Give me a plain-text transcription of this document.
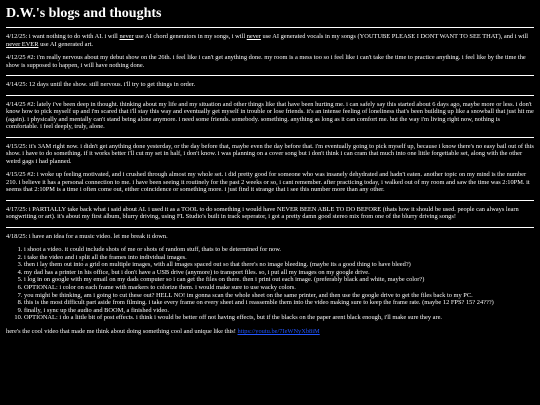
D.W.'s blogs and thoughts

4/12/25: i want nothing to do with AI. i will never use AI chord generators in my songs, i will never use AI generated vocals in my songs (YOUTUBE PLEASE I DONT WANT TO SEE THAT), and i will never EVER use AI generated art.

4/12/25 #2: i'm really nervous about my debut show on the 26th. i feel like i can't get anything done. my room is a mess too so i feel like i can't take the time to practice anything. i feel like by the time the show is supposed to happen, i will have nothing done.

4/14/25: 12 days until the show. still nervous. i'll try to get things in order.

4/14/25 #2: lately i've been deep in thought. thinking about my life and my situation and other things like that have been hurting me. i can safely say this started about 6 days ago, maybe more or less. i don't know how to pick myself up and i'm scared that i'll stay this way and eventually get myself in trouble or lose friends. it's an intense feeling of loneliness that's been building up like a snowball that just hit me (again). i physically and mentally can't stand being alone anymore. i need some friends. somebody. something. anything as long as it can comfort me. but the way i'm living right now, nothing is comfortable. i feel deeply, truly, alone.

4/15/25: it's 3AM right now. i didn't get anything done yesterday, or the day before that, maybe even the day before that. i'm eventually going to pick myself up, because i know there's no easy bail out of this show. i have to do something. if it works better i'll cut my set in half, i don't know. i was planning on a cover song but i don't think i can cram that much into one little forgettable set, along with the other weird gags i had planned.

4/15/25 #2: i woke up feeling motivated, and i crushed through almost my whole set. i did pretty good for someone who was insanely dehydrated and hadn't eaten. another topic on my mind is the number 210. i believe it has a personal connection to me. i have been seeing it routinely for the past 2 weeks or so, i cant remember. after practicing today, i walked out of my room and saw the time was 2:10PM. it seems that 2:10PM is a time i often come out, either coincidence or something more. i just find it strange that i see this number more than any other.

4/17/25: i PARTIALLY take back what i said about AI. i used it as a TOOL to do something i would have NEVER BEEN ABLE TO DO BEFORE (thats how it should be used. people can always learn songwriting or art). it's about my first album, blurry driving, using FL Studio's built in track seperator, i got a pretty damn good stereo mix from one of the blurry driving songs!

4/18/25: i have an idea for a music video. let me break it down.

1. i shoot a video. it could include shots of me or shots of random stuff, thats to be determined for now.
2. i take the video and i split all the frames into individual images.
3. then i lay them out into a grid on multiple images, with all images spaced out so that there's no image bleeding. (maybe its a good thing to have bleed?)
4. my dad has a printer in his office, but i don't have a USB drive (anymore) to transport files. so, i put all my images on my google drive.
5. i log in on google with my email on my dads computer so i can get the files on there. then i print out each image. (preferably black and white, maybe color?)
6. OPTIONAL: i color on each frame with markers to colorize them. i would make sure to use wacky colors.
7. you might be thinking, am i going to cut these out? HELL NO! im gonna scan the whole sheet on the same printer, and then use the google drive to get the files back to my PC.
8. this is the most difficult part aside from filming. i take every frame on every sheet and i reassemble them into the video making sure to keep the frame rate. (maybe 12 FPS? 15? 24???)
9. finally, i sync up the audio and BOOM, a finished video.
10. OPTIONAL: i do a little bit of post effects. i think i would be better off not having effects, but if the blacks on the paper arent black enough, i'll make sure they are.

here's the cool video that made me think about doing something cool and unique like this! https://youtu.be/7IeWNyXb8iM
